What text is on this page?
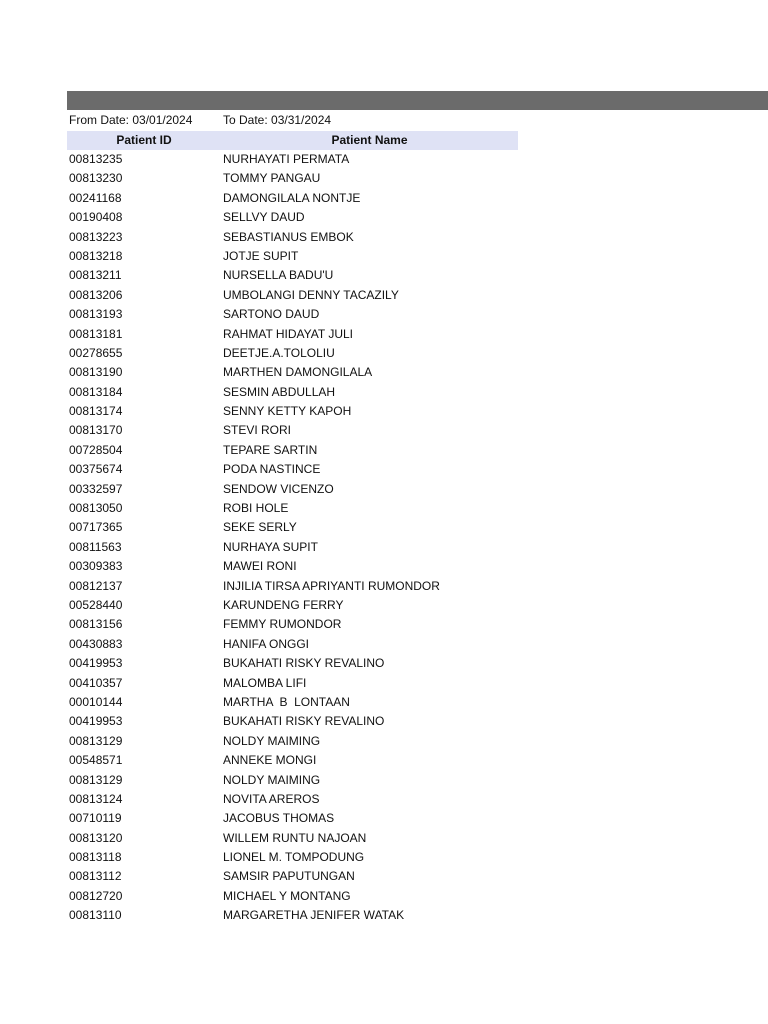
From Date: 03/01/2024	To Date: 03/31/2024
Patient ID	Patient Name
00813235	NURHAYATI PERMATA
00813230	TOMMY PANGAU
00241168	DAMONGILALA NONTJE
00190408	SELLVY DAUD
00813223	SEBASTIANUS EMBOK
00813218	JOTJE SUPIT
00813211	NURSELLA BADU'U
00813206	UMBOLANGI DENNY TACAZILY
00813193	SARTONO DAUD
00813181	RAHMAT HIDAYAT JULI
00278655	DEETJE.A.TOLOLIU
00813190	MARTHEN DAMONGILALA
00813184	SESMIN ABDULLAH
00813174	SENNY KETTY KAPOH
00813170	STEVI RORI
00728504	TEPARE SARTIN
00375674	PODA NASTINCE
00332597	SENDOW VICENZO
00813050	ROBI HOLE
00717365	SEKE SERLY
00811563	NURHAYA SUPIT
00309383	MAWEI RONI
00812137	INJILIA TIRSA APRIYANTI RUMONDOR
00528440	KARUNDENG FERRY
00813156	FEMMY RUMONDOR
00430883	HANIFA ONGGI
00419953	BUKAHATI RISKY REVALINO
00410357	MALOMBA LIFI
00010144	MARTHA  B  LONTAAN
00419953	BUKAHATI RISKY REVALINO
00813129	NOLDY MAIMING
00548571	ANNEKE MONGI
00813129	NOLDY MAIMING
00813124	NOVITA AREROS
00710119	JACOBUS THOMAS
00813120	WILLEM RUNTU NAJOAN
00813118	LIONEL M. TOMPODUNG
00813112	SAMSIR PAPUTUNGAN
00812720	MICHAEL Y MONTANG
00813110	MARGARETHA JENIFER WATAK
